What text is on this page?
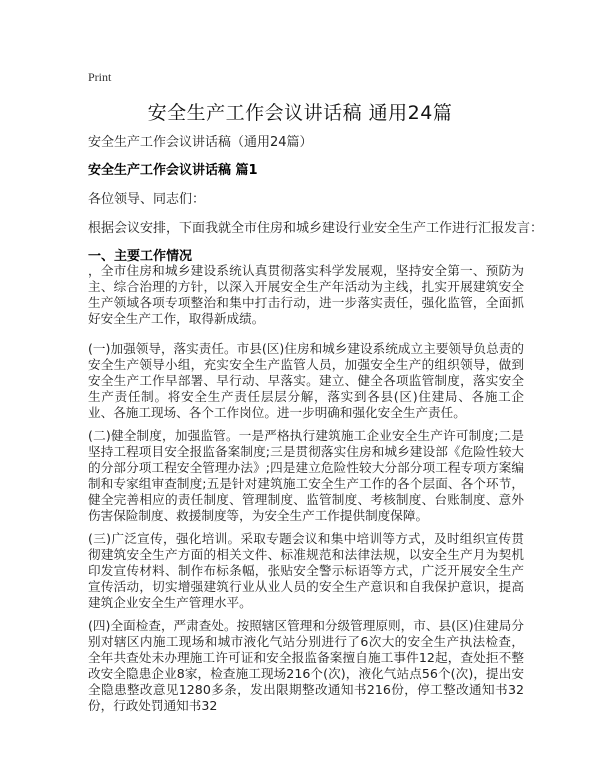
Print
安全生产工作会议讲话稿 通用24篇
安全生产工作会议讲话稿（通用24篇）
安全生产工作会议讲话稿 篇1
各位领导、同志们：
根据会议安排，下面我就全市住房和城乡建设行业安全生产工作进行汇报发言：
一、主要工作情况
，全市住房和城乡建设系统认真贯彻落实科学发展观，坚持安全第一、预防为主、综合治理的方针，以深入开展安全生产年活动为主线，扎实开展建筑安全生产领域各项专项整治和集中打击行动，进一步落实责任，强化监管，全面抓好安全生产工作，取得新成绩。
(一)加强领导，落实责任。市县(区)住房和城乡建设系统成立主要领导负总责的安全生产领导小组，充实安全生产监管人员，加强安全生产的组织领导，做到安全生产工作早部署、早行动、早落实。建立、健全各项监管制度，落实安全生产责任制。将安全生产责任层层分解，落实到各县(区)住建局、各施工企业、各施工现场、各个工作岗位。进一步明确和强化安全生产责任。
(二)健全制度，加强监管。一是严格执行建筑施工企业安全生产许可制度;二是坚持工程项目安全报监备案制度;三是贯彻落实住房和城乡建设部《危险性较大的分部分项工程安全管理办法》;四是建立危险性较大分部分项工程专项方案编制和专家组审查制度;五是针对建筑施工安全生产工作的各个层面、各个环节，健全完善相应的责任制度、管理制度、监管制度、考核制度、台账制度、意外伤害保险制度、救援制度等，为安全生产工作提供制度保障。
(三)广泛宣传，强化培训。采取专题会议和集中培训等方式，及时组织宣传贯彻建筑安全生产方面的相关文件、标准规范和法律法规，以安全生产月为契机印发宣传材料、制作布标条幅，张贴安全警示标语等方式，广泛开展安全生产宣传活动，切实增强建筑行业从业人员的安全生产意识和自我保护意识，提高建筑企业安全生产管理水平。
(四)全面检查，严肃查处。按照辖区管理和分级管理原则，市、县(区)住建局分别对辖区内施工现场和城市液化气站分别进行了6次大的安全生产执法检查，全年共查处未办理施工许可证和安全报监备案擅自施工事件12起，查处拒不整改安全隐患企业8家，检查施工现场216个(次)，液化气站点56个(次)，提出安全隐患整改意见1280多条，发出限期整改通知书216份，停工整改通知书32份，行政处罚通知书32
